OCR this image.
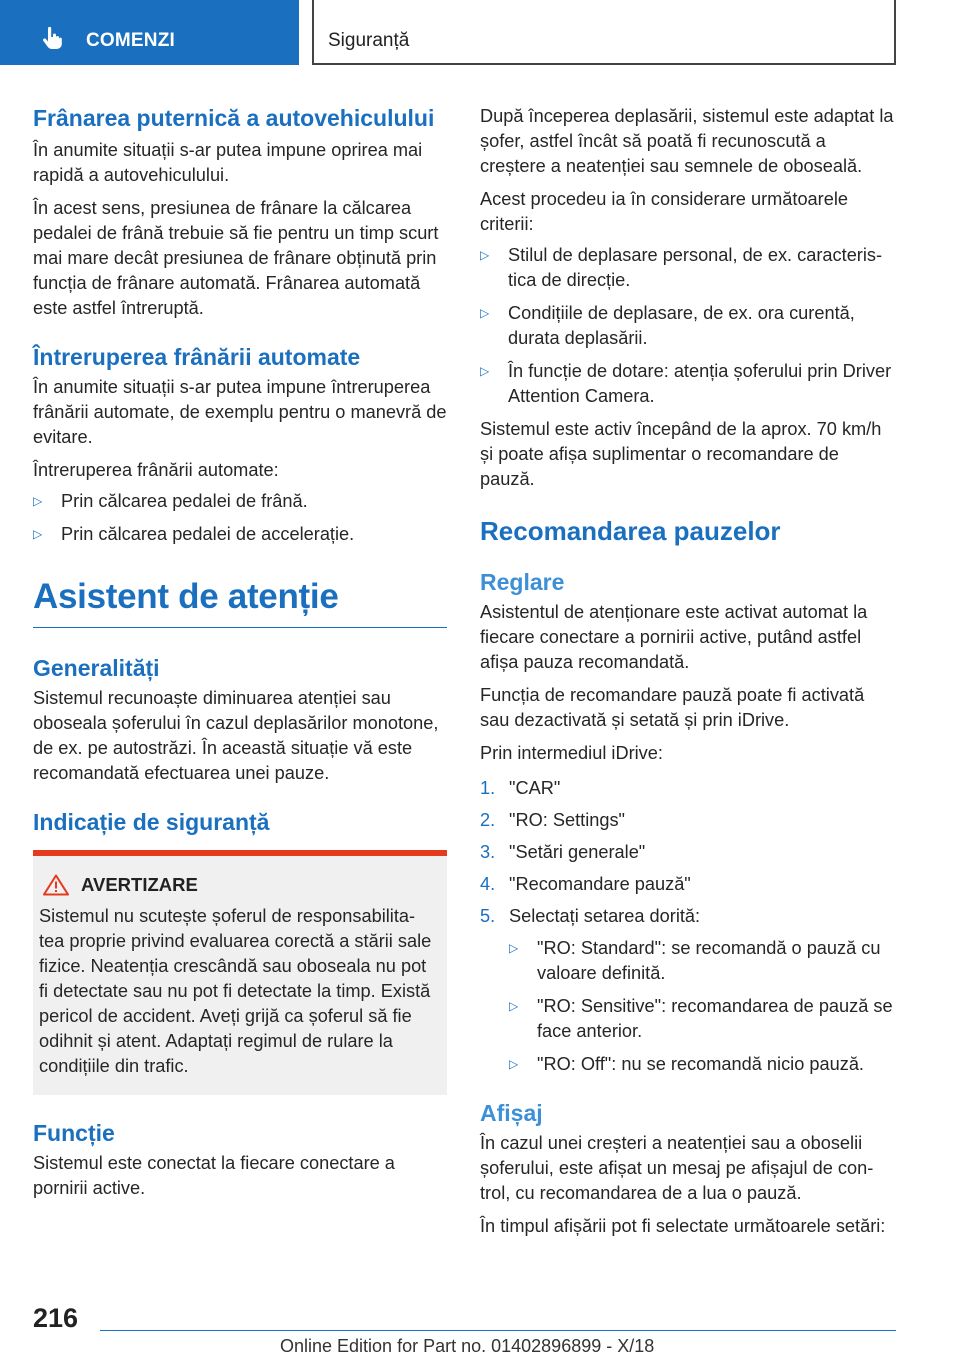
COMENZI	Siguranță
Frânarea puternică a autovehiculului
În anumite situații s-ar putea impune oprirea mai rapidă a autovehiculului.
În acest sens, presiunea de frânare la călcarea pedalei de frână trebuie să fie pentru un timp scurt mai mare decât presiunea de frânare obținută prin funcția de frânare automată. Frânarea automată este astfel întreruptă.
Întreruperea frânării automate
În anumite situații s-ar putea impune întreruperea frânării automate, de exemplu pentru o manevră de evitare.
Întreruperea frânării automate:
▷	Prin călcarea pedalei de frână.
▷	Prin călcarea pedalei de accelerație.
Asistent de atenție
Generalități
Sistemul recunoaște diminuarea atenției sau oboseala șoferului în cazul deplasărilor monotone, de ex. pe autostrăzi. În această situație vă este recomandată efectuarea unei pauze.
Indicație de siguranță
AVERTIZARE
Sistemul nu scutește șoferul de responsabilitatea proprie privind evaluarea corectă a stării sale fizice. Neatenția crescândă sau oboseala nu pot fi detectate sau nu pot fi detectate la timp. Există pericol de accident. Aveți grijă ca șoferul să fie odihnit și atent. Adaptați regimul de rulare la condițiile din trafic.
Funcție
Sistemul este conectat la fiecare conectare a pornirii active.
După începerea deplasării, sistemul este adaptat la șofer, astfel încât să poată fi recunoscută a creștere a neatenției sau semnele de oboseală.
Acest procedeu ia în considerare următoarele criterii:
▷	Stilul de deplasare personal, de ex. caracteristica de direcție.
▷	Condițiile de deplasare, de ex. ora curentă, durata deplasării.
▷	În funcție de dotare: atenția șoferului prin Driver Attention Camera.
Sistemul este activ începând de la aprox. 70 km/h și poate afișa suplimentar o recomandare de pauză.
Recomandarea pauzelor
Reglare
Asistentul de atenționare este activat automat la fiecare conectare a pornirii active, putând astfel afișa pauza recomandată.
Funcția de recomandare pauză poate fi activată sau dezactivată și setată și prin iDrive.
Prin intermediul iDrive:
1. "CAR"
2. "RO: Settings"
3. "Setări generale"
4. "Recomandare pauză"
5. Selectați setarea dorită:
▷	"RO: Standard": se recomandă o pauză cu valoare definită.
▷	"RO: Sensitive": recomandarea de pauză se face anterior.
▷	"RO: Off": nu se recomandă nicio pauză.
Afișaj
În cazul unei creșteri a neatenției sau a oboselii șoferului, este afișat un mesaj pe afișajul de control, cu recomandarea de a lua o pauză.
În timpul afișării pot fi selectate următoarele setări:
216
Online Edition for Part no. 01402896899 - X/18
